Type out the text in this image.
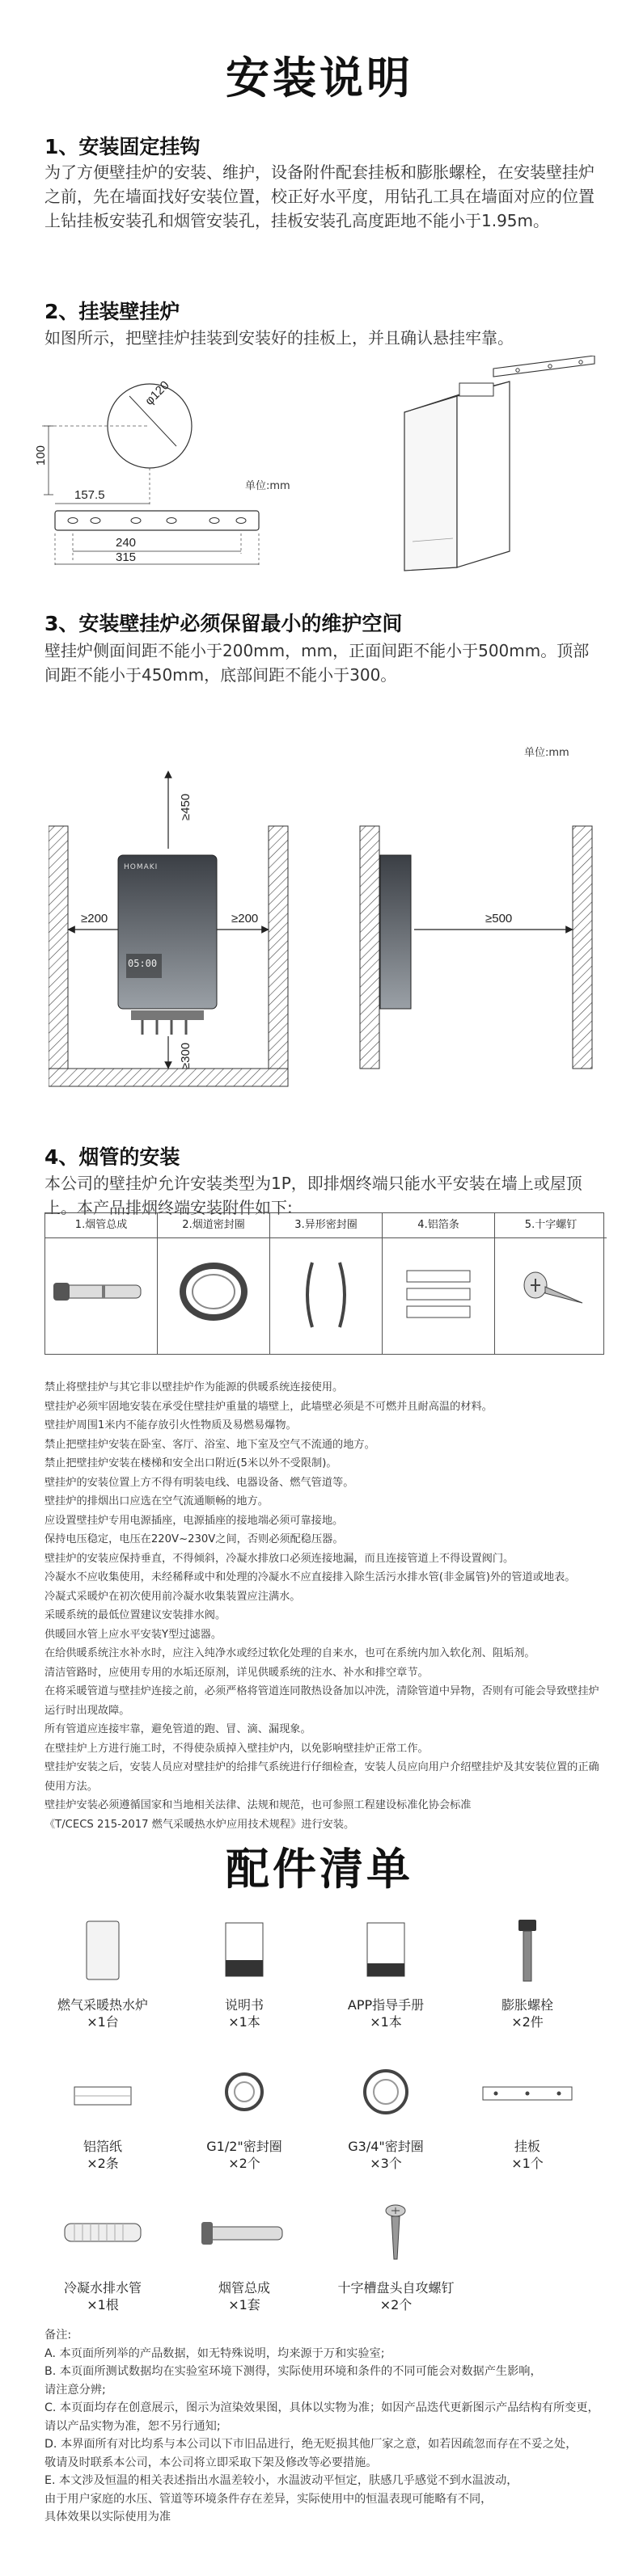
安装说明
1、安装固定挂钩
为了方便壁挂炉的安装、维护，设备附件配套挂板和膨胀螺栓，在安装壁挂炉之前，先在墙面找好安装位置，校正好水平度，用钻孔工具在墙面对应的位置上钻挂板安装孔和烟管安装孔，挂板安装孔高度距地不能小于1.95m。
2、挂装壁挂炉
如图所示，把壁挂炉挂装到安装好的挂板上，并且确认悬挂牢靠。
φ120
100
157.5
240
315
单位:mm
3、安装壁挂炉必须保留最小的维护空间
壁挂炉侧面间距不能小于200mm，mm，正面间距不能小于500mm。顶部间距不能小于450mm，底部间距不能小于300。
单位:mm
≥450
≥200	≥200
≥300
≥500
HOMAKI
05:00
4、烟管的安装
本公司的壁挂炉允许安装类型为1P，即排烟终端只能水平安装在墙上或屋顶上。本产品排烟终端安装附件如下:
1.烟管总成	2.烟道密封圈	3.异形密封圈	4.铝箔条	5.十字螺钉
禁止将壁挂炉与其它非以壁挂炉作为能源的供暖系统连接使用。
壁挂炉必须牢固地安装在承受住壁挂炉重量的墙壁上，此墙壁必须是不可燃并且耐高温的材料。
壁挂炉周围1米内不能存放引火性物质及易燃易爆物。
禁止把壁挂炉安装在卧室、客厅、浴室、地下室及空气不流通的地方。
禁止把壁挂炉安装在楼梯和安全出口附近(5米以外不受限制)。
壁挂炉的安装位置上方不得有明装电线、电器设备、燃气管道等。
壁挂炉的排烟出口应选在空气流通顺畅的地方。
应设置壁挂炉专用电源插座，电源插座的接地端必须可靠接地。
保持电压稳定，电压在220V~230V之间，否则必须配稳压器。
壁挂炉的安装应保持垂直，不得倾斜，冷凝水排放口必须连接地漏，而且连接管道上不得设置阀门。
冷凝水不应收集使用，未经稀释或中和处理的冷凝水不应直接排入除生活污水排水管(非金属管)外的管道或地表。
冷凝式采暖炉在初次使用前冷凝水收集装置应注满水。
采暖系统的最低位置建议安装排水阀。
供暖回水管上应水平安装Y型过滤器。
在给供暖系统注水补水时，应注入纯净水或经过软化处理的自来水，也可在系统内加入软化剂、阻垢剂。
清洁管路时，应使用专用的水垢还原剂，详见供暖系统的注水、补水和排空章节。
在将采暖管道与壁挂炉连接之前，必须严格将管道连同散热设备加以冲洗，清除管道中异物，否则有可能会导致壁挂炉运行时出现故障。
所有管道应连接牢靠，避免管道的跑、冒、滴、漏现象。
在壁挂炉上方进行施工时，不得使杂质掉入壁挂炉内，以免影响壁挂炉正常工作。
壁挂炉安装之后，安装人员应对壁挂炉的给排气系统进行仔细检查，安装人员应向用户介绍壁挂炉及其安装位置的正确使用方法。
壁挂炉安装必须遵循国家和当地相关法律、法规和规范，也可参照工程建设标准化协会标准
《T/CECS 215-2017 燃气采暖热水炉应用技术规程》进行安装。
配件清单
燃气采暖热水炉
×1台
说明书
×1本
APP指导手册
×1本
膨胀螺栓
×2件
铝箔纸
×2条
G1/2"密封圈
×2个
G3/4"密封圈
×3个
挂板
×1个
冷凝水排水管
×1根
烟管总成
×1套
十字槽盘头自攻螺钉
×2个
备注:
A. 本页面所列举的产品数据，如无特殊说明，均来源于万和实验室;
B. 本页面所测试数据均在实验室环境下测得，实际使用环境和条件的不同可能会对数据产生影响，
请注意分辨;
C. 本页面均存在创意展示，图示为渲染效果图，具体以实物为准；如因产品迭代更新图示产品结构有所变更，
请以产品实物为准，恕不另行通知;
D. 本界面所有对比均系与本公司以下市旧品进行，绝无贬损其他厂家之意，如若因疏忽而存在不妥之处，
敬请及时联系本公司，本公司将立即采取下架及修改等必要措施。
E. 本文涉及恒温的相关表述指出水温差较小，水温波动平恒定，肤感几乎感觉不到水温波动，
由于用户家庭的水压、管道等环境条件存在差异，实际使用中的恒温表现可能略有不同，
具体效果以实际使用为准
